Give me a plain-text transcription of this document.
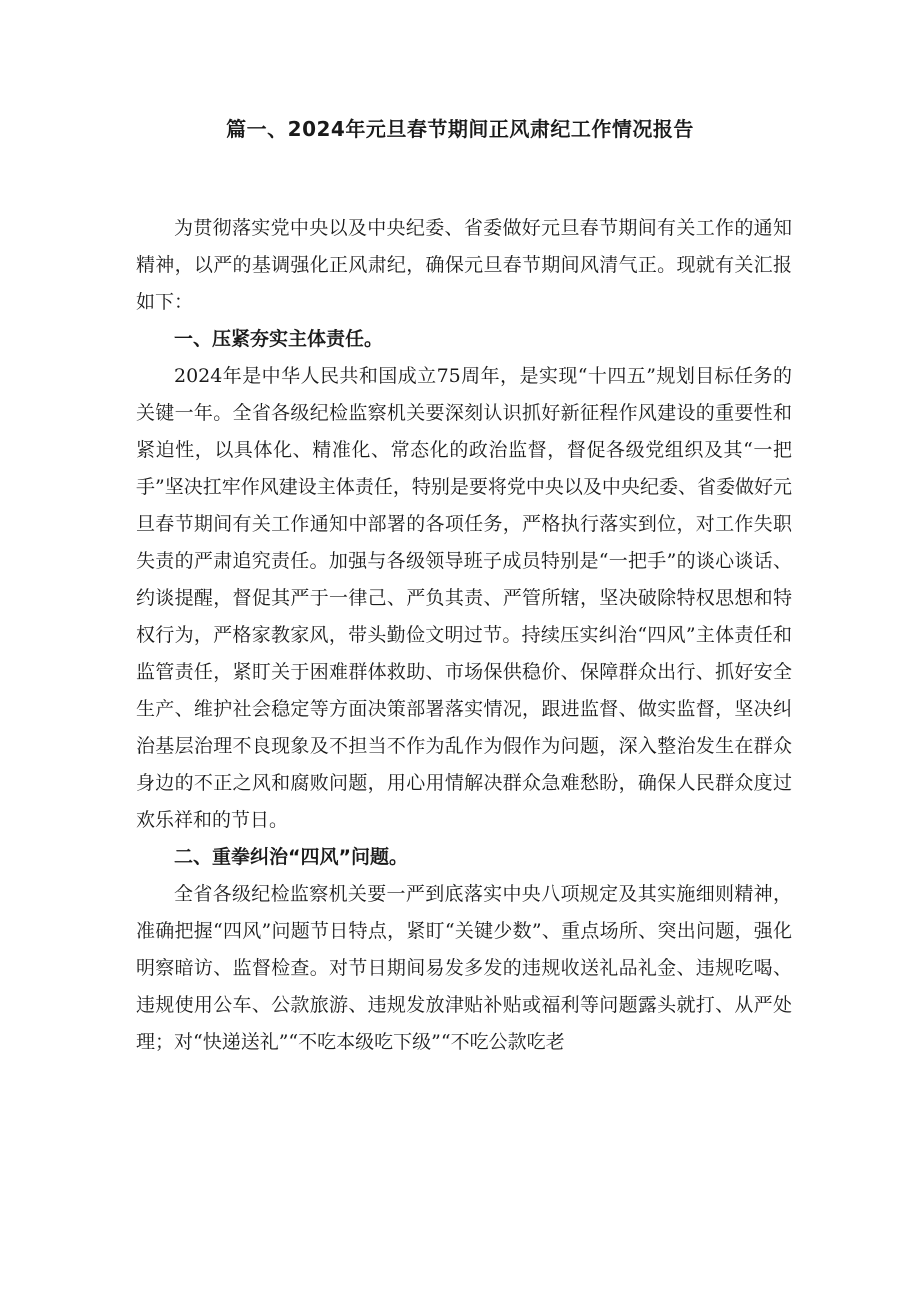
篇一、2024年元旦春节期间正风肃纪工作情况报告

为贯彻落实党中央以及中央纪委、省委做好元旦春节期间有关工作的通知精神，以严的基调强化正风肃纪，确保元旦春节期间风清气正。现就有关汇报如下：

一、压紧夯实主体责任。

2024年是中华人民共和国成立75周年，是实现“十四五”规划目标任务的关键一年。全省各级纪检监察机关要深刻认识抓好新征程作风建设的重要性和紧迫性，以具体化、精准化、常态化的政治监督，督促各级党组织及其“一把手”坚决扛牢作风建设主体责任，特别是要将党中央以及中央纪委、省委做好元旦春节期间有关工作通知中部署的各项任务，严格执行落实到位，对工作失职失责的严肃追究责任。加强与各级领导班子成员特别是“一把手”的谈心谈话、约谈提醒，督促其严于一律己、严负其责、严管所辖，坚决破除特权思想和特权行为，严格家教家风，带头勤俭文明过节。持续压实纠治“四风”主体责任和监管责任，紧盯关于困难群体救助、市场保供稳价、保障群众出行、抓好安全生产、维护社会稳定等方面决策部署落实情况，跟进监督、做实监督，坚决纠治基层治理不良现象及不担当不作为乱作为假作为问题，深入整治发生在群众身边的不正之风和腐败问题，用心用情解决群众急难愁盼，确保人民群众度过欢乐祥和的节日。

二、重拳纠治“四风”问题。

全省各级纪检监察机关要一严到底落实中央八项规定及其实施细则精神，准确把握“四风”问题节日特点，紧盯“关键少数”、重点场所、突出问题，强化明察暗访、监督检查。对节日期间易发多发的违规收送礼品礼金、违规吃喝、违规使用公车、公款旅游、违规发放津贴补贴或福利等问题露头就打、从严处理；对“快递送礼”“不吃本级吃下级”“不吃公款吃老
